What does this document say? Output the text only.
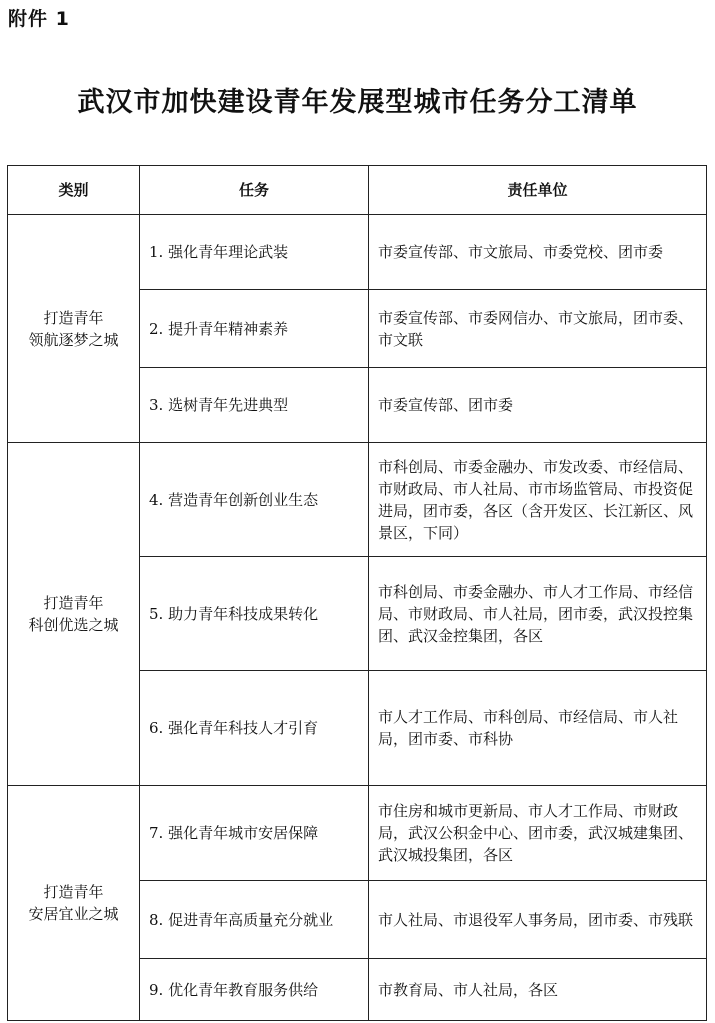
附件 1
武汉市加快建设青年发展型城市任务分工清单
类别	任务	责任单位
打造青年
领航逐梦之城	1. 强化青年理论武装	市委宣传部、市文旅局、市委党校、团市委
	2. 提升青年精神素养	市委宣传部、市委网信办、市文旅局，团市委、市文联
	3. 选树青年先进典型	市委宣传部、团市委
打造青年
科创优选之城	4. 营造青年创新创业生态	市科创局、市委金融办、市发改委、市经信局、市财政局、市人社局、市市场监管局、市投资促进局，团市委，各区（含开发区、长江新区、风景区，下同）
	5. 助力青年科技成果转化	市科创局、市委金融办、市人才工作局、市经信局、市财政局、市人社局，团市委，武汉投控集团、武汉金控集团，各区
	6. 强化青年科技人才引育	市人才工作局、市科创局、市经信局、市人社局，团市委、市科协
打造青年
安居宜业之城	7. 强化青年城市安居保障	市住房和城市更新局、市人才工作局、市财政局，武汉公积金中心、团市委，武汉城建集团、武汉城投集团，各区
	8. 促进青年高质量充分就业	市人社局、市退役军人事务局，团市委、市残联
	9. 优化青年教育服务供给	市教育局、市人社局，各区
